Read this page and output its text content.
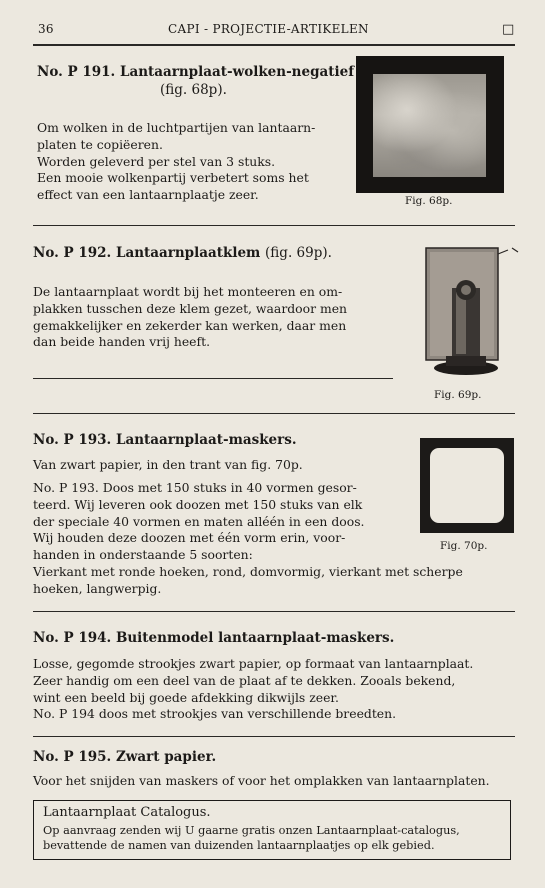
36	CAPI - PROJECTIE-ARTIKELEN	□
No. P 191. Lantaarnplaat-wolken-negatief
(fig. 68p).
Om wolken in de luchtpartijen van lantaarn-
platen te copiëeren.
Worden geleverd per stel van 3 stuks.
Een mooie wolkenpartij verbetert soms het
effect van een lantaarnplaatje zeer.	Fig. 68p.
No. P 192. Lantaarnplaatklem (fig. 69p).
De lantaarnplaat wordt bij het monteeren en om-
plakken tusschen deze klem gezet, waardoor men
gemakkelijker en zekerder kan werken, daar men
dan beide handen vrij heeft.
Fig. 69p.
No. P 193. Lantaarnplaat-maskers.
Van zwart papier, in den trant van fig. 70p.
No. P 193. Doos met 150 stuks in 40 vormen gesor-
teerd. Wij leveren ook doozen met 150 stuks van elk
der speciale 40 vormen en maten alléén in een doos.
Wij houden deze doozen met één vorm erin, voor-
handen in onderstaande 5 soorten:
Vierkant met ronde hoeken, rond, domvormig, vierkant met scherpe
hoeken, langwerpig.
Fig. 70p.
No. P 194. Buitenmodel lantaarnplaat-maskers.
Losse, gegomde strookjes zwart papier, op formaat van lantaarnplaat.
Zeer handig om een deel van de plaat af te dekken. Zooals bekend,
wint een beeld bij goede afdekking dikwijls zeer.
No. P 194 doos met strookjes van verschillende breedten.
No. P 195. Zwart papier.
Voor het snijden van maskers of voor het omplakken van lantaarnplaten.
Lantaarnplaat Catalogus.
Op aanvraag zenden wij U gaarne gratis onzen Lantaarnplaat-catalogus,
bevattende de namen van duizenden lantaarnplaatjes op elk gebied.
